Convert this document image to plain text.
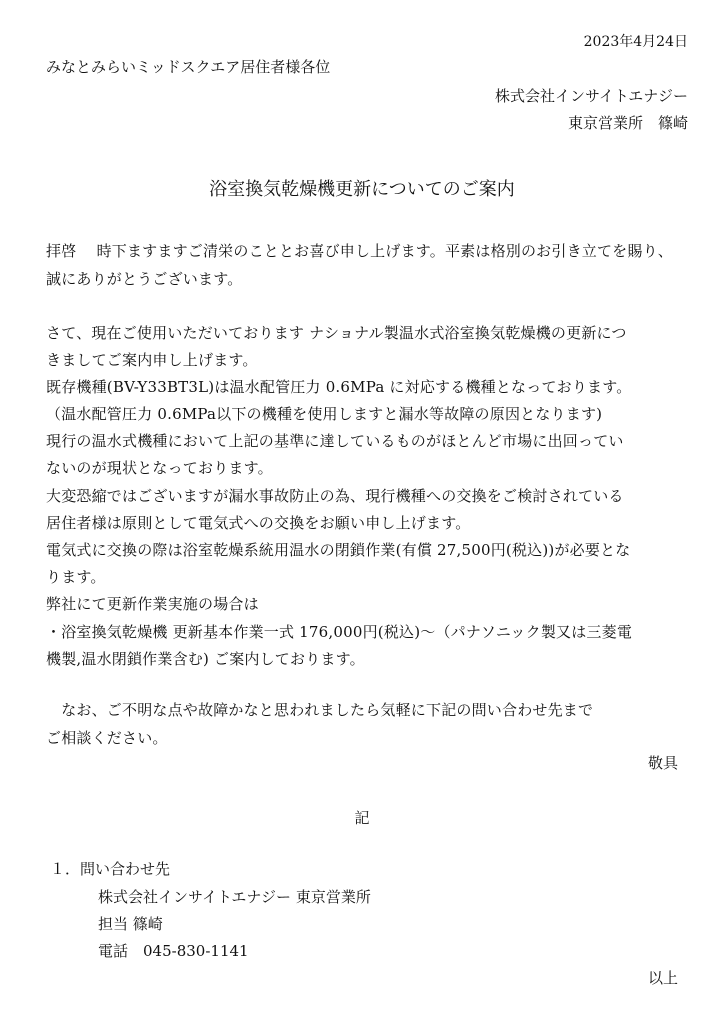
2023年4月24日
みなとみらいミッドスクエア居住者様各位
株式会社インサイトエナジー
東京営業所　篠崎
浴室換気乾燥機更新についてのご案内
拝啓　 時下ますますご清栄のこととお喜び申し上げます。平素は格別のお引き立てを賜り、
誠にありがとうございます。
さて、現在ご使用いただいております ナショナル製温水式浴室換気乾燥機の更新につ
きましてご案内申し上げます。
既存機種(BV-Y33BT3L)は温水配管圧力 0.6MPa に対応する機種となっております。
（温水配管圧力 0.6MPa以下の機種を使用しますと漏水等故障の原因となります)
現行の温水式機種において上記の基準に達しているものがほとんど市場に出回ってい
ないのが現状となっております。
大変恐縮ではございますが漏水事故防止の為、現行機種への交換をご検討されている
居住者様は原則として電気式への交換をお願い申し上げます。
電気式に交換の際は浴室乾燥系統用温水の閉鎖作業(有償 27,500円(税込))が必要とな
ります。
弊社にて更新作業実施の場合は
・浴室換気乾燥機 更新基本作業一式 176,000円(税込)～（パナソニック製又は三菱電
機製,温水閉鎖作業含む) ご案内しております。
　なお、ご不明な点や故障かなと思われましたら気軽に下記の問い合わせ先まで
ご相談ください。
敬具
記
１．問い合わせ先
株式会社インサイトエナジー 東京営業所
担当 篠崎
電話　045-830-1141
以上
